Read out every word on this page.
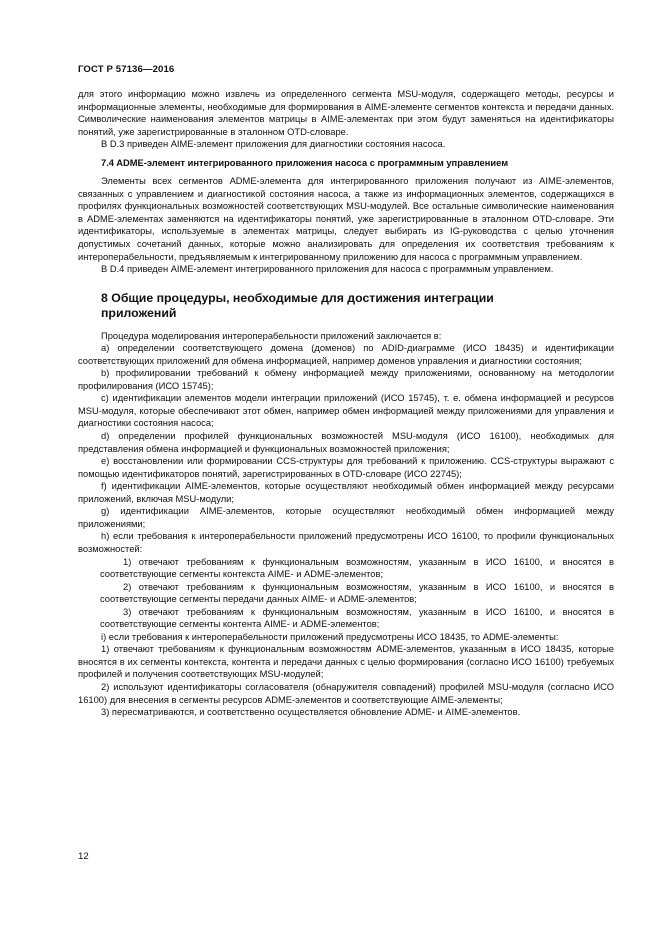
ГОСТ Р 57136—2016

для этого информацию можно извлечь из определенного сегмента MSU-модуля, содержащего методы, ресурсы и информационные элементы, необходимые для формирования в AIME-элементе сегментов контекста и передачи данных. Символические наименования элементов матрицы в AIME-элементах при этом будут заменяться на идентификаторы понятий, уже зарегистрированные в эталонном OTD-словаре.

В D.3 приведен AIME-элемент приложения для диагностики состояния насоса.

7.4 ADME-элемент интегрированного приложения насоса с программным управлением

Элементы всех сегментов ADME-элемента для интегрированного приложения получают из AIME-элементов, связанных с управлением и диагностикой состояния насоса, а также из информационных элементов, содержащихся в профилях функциональных возможностей соответствующих MSU-модулей. Все остальные символические наименования в ADME-элементах заменяются на идентификаторы понятий, уже зарегистрированные в эталонном OTD-словаре. Эти идентификаторы, используемые в элементах матрицы, следует выбирать из IG-руководства с целью уточнения допустимых сочетаний данных, которые можно анализировать для определения их соответствия требованиям к интероперабельности, предъявляемым к интегрированному приложению для насоса с программным управлением.

В D.4 приведен AIME-элемент интегрированного приложения для насоса с программным управлением.

8 Общие процедуры, необходимые для достижения интеграции приложений

Процедура моделирования интероперабельности приложений заключается в:

a) определении соответствующего домена (доменов) по ADID-диаграмме (ИСО 18435) и идентификации соответствующих приложений для обмена информацией, например доменов управления и диагностики состояния;

b) профилировании требований к обмену информацией между приложениями, основанному на методологии профилирования (ИСО 15745);

c) идентификации элементов модели интеграции приложений (ИСО 15745), т. е. обмена информацией и ресурсов MSU-модуля, которые обеспечивают этот обмен, например обмен информацией между приложениями для управления и диагностики состояния насоса;

d) определении профилей функциональных возможностей MSU-модуля (ИСО 16100), необходимых для представления обмена информацией и функциональных возможностей приложения;

e) восстановлении или формировании CCS-структуры для требований к приложению. CCS-структуры выражают с помощью идентификаторов понятий, зарегистрированных в OTD-словаре (ИСО 22745);

f) идентификации AIME-элементов, которые осуществляют необходимый обмен информацией между ресурсами приложений, включая MSU-модули;

g) идентификации AIME-элементов, которые осуществляют необходимый обмен информацией между приложениями;

h) если требования к интероперабельности приложений предусмотрены ИСО 16100, то профили функциональных возможностей:

1) отвечают требованиям к функциональным возможностям, указанным в ИСО 16100, и вносятся в соответствующие сегменты контекста AIME- и ADME-элементов;

2) отвечают требованиям к функциональным возможностям, указанным в ИСО 16100, и вносятся в соответствующие сегменты передачи данных AIME- и ADME-элементов;

3) отвечают требованиям к функциональным возможностям, указанным в ИСО 16100, и вносятся в соответствующие сегменты контента AIME- и ADME-элементов;

i) если требования к интероперабельности приложений предусмотрены ИСО 18435, то ADME-элементы:

1) отвечают требованиям к функциональным возможностям ADME-элементов, указанным в ИСО 18435, которые вносятся в их сегменты контекста, контента и передачи данных с целью формирования (согласно ИСО 16100) требуемых профилей и получения соответствующих MSU-модулей;

2) используют идентификаторы согласователя (обнаружителя совпадений) профилей MSU-модуля (согласно ИСО 16100) для внесения в сегменты ресурсов ADME-элементов и соответствующие AIME-элементы;

3) пересматриваются, и соответственно осуществляется обновление ADME- и AIME-элементов.

12
